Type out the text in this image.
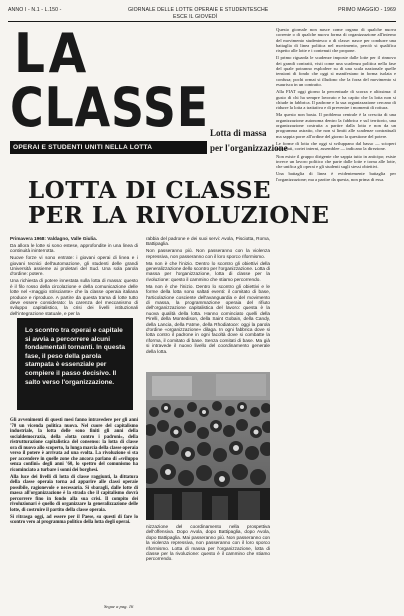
ANNO I - N.1 - L.150 -	GIORNALE DELLE LOTTE OPERAIE E STUDENTESCHE
ESCE IL GIOVEDÌ
PRIMO MAGGIO - 1969
LA
CLASSE
OPERAI E STUDENTI UNITI NELLA LOTTA
Lotta di massa
per l'organizzazione
LOTTA DI CLASSE
PER LA RIVOLUZIONE

Questo giornale non nasce come organo di qualche nuova corrente o di qualche nuova forma di organizzazione all'interno del movimento studentesco o di classe: nasce per condurre una battaglia di linea politica nel movimento, perciò si qualifica rispetto alle lotte e i contenuti che propone.

Il primo riguarda le scadenze imposte dalle lotte per il rinnovo dei grandi contratti, visti come una scadenza politica nella fase del quale potranno esplodere su di una scala nazionale quelle tensioni di fondo che oggi si manifestano in forma isolata e confusa; pochi ormai si illudono che la forza del movimento si esaurisca in un contratto.

Alla FIAT oggi giorno la percentuale di scorza e altissima: il gusto di chi ha sempre lavorato e ha capito che la lotta non si chiude in fabbrica. Il padrone e la sua organizzazione cercano di ridurre la lotta a trattativa e di prevenire i momenti di rottura.

Ma questo non basta. Il problema centrale è la crescita di una organizzazione autonoma dentro la fabbrica e sul territorio, una organizzazione costruita a partire dalla lotta e non da un programma astratto, che non si limiti alle scadenze contrattuali ma sappia porre all'ordine del giorno la questione del potere.

Le forme di lotta che oggi si sviluppano dal basso — scioperi articolati, cortei interni, assemblee — indicano la direzione.

Non esiste il gruppo dirigente che sappia tutto in anticipo; esiste invece un lavoro politico che parte dalle lotte e torna alle lotte, che unifica gli operai e gli studenti sugli stessi obiettivi.

Una battaglia di linea è evidentemente battaglia per l'organizzazione; ma a partire da questa, non prima di essa.

Primavera 1968: Valdagno, Valle Giulia.

Da allora le lotte si sono estese, approfondite in una linea di continuità ininterrotta.

Nuove forze vi sono entrate: i giovani operai di linea e i giovani tecnici dell'automazione, gli studenti delle grandi Università assieme ai proletari del Sud. Una sola parola d'ordine: potere.

Una richiesta di potere innestata sulla lotta di massa: questo è il filo rosso della circolazione e della comunicazione delle lotte nel «maggio strisciante» che la classe operaia italiana produce e riproduce. A partire da questa trama di lotte tutto deve essere considerato: la carenza del meccanismo di sviluppo capitalistico, la crisi dei livelli istituzionali dell'integrazione statuale, e per la

rabbia del padrone e dei suoi servi: Avola, Pisciotta, Roma, Battipaglia.

Non passeranno più. Non passeranno con la violenza repressiva, non passeranno con il loro sporco riformismo.

Ma non è che l'inizio. Dentro lo scontro gli obiettivi della generalizzazione dello scontro per l'organizzazione. Lotta di massa per l'organizzazione, lotta di classe per la rivoluzione: questo il cammino che stiamo percorrendo.

Ma non è che l'inizio. Dentro lo scontro gli obiettivi e le forme della lotta sono saltati eventi: il comitato di base, l'articolazione cosciente dell'avanguardia e del movimento di massa, la programmazione operaia del rifiuto dell'organizzazione capitalistica del lavoro: questa è la nuova qualità della lotta. Hanno cominciato quelli della Pirelli, della Montedison, della Saint Gobain, della Candy, della Lancia, della Fatme, della Rhodiatoce: oggi la parola d'ordine «organizzazione» dilaga. In ogni fabbrica dove si lotta contro il padrone in ogni facoltà dove si combatte la riforma, il comitato di base. Senza comitati di base. Ma già si intravede il nuovo livello del coordinamento generale della lotta.

Lo scontro tra operai e capitale si avvia a percorrere alcuni fondamentali tornanti. In questa fase, il peso della parola stampata è essenziale per compiere il passo decisivo. Il salto verso l'organizzazione.

Gli avvenimenti di questi mesi fanno intravedere per gli anni '70 un vicenda politica nuova. Nel cuore del capitalismo industriale, la lotta delle sono finiti gli anni della socialdemocrazia, della «lotta contro i padroni», della ristrutturazione capitalistica del consenso: la lotta di classe ora di nuovo allo scoperto, la lunga marcia della classe operaia verso il potere è arrivata ad una svolta. La rivoluzione si sta per accendere in quelle zone che ancora parlano di «sviluppo senza confini» degli anni '60, lo spettro del comunismo ha ricominciato a turbare i sonni dei borghesi.

Alla luce dei livelli di lotta di classe raggiunti, la dittatura della classe operaia torna ad apparire alle classi operaie possibile, ragionevole e necessaria. Si sbaragli, dalle lotte di massa all'organizzazione è la strada che il capitalismo dovrà percorrere fino in fondo alla sua crisi. Il compito dei rivoluzionari è quello di organizzare la generalizzazione delle lotte, di costruire il partito della classe operaia.

Si ritrasga oggi, ad essere per il Paese, su questi di fare lo scontro vero al programma politico della lotta degli operai.

Segue a pag. 16
nizzazione del coordinamento nella prospettiva dell'offensiva. Dopo Avola, dopo Battipaglia, dopo Avola, dopo Battipaglia. Mai passeranno più. Non passeranno con la violenza repressiva, non passeranno con il loro sporco riformismo. Lotta di massa per l'organizzazione, lotta di classe per la rivoluzione: questo è il cammino che stiamo percorrendo.
